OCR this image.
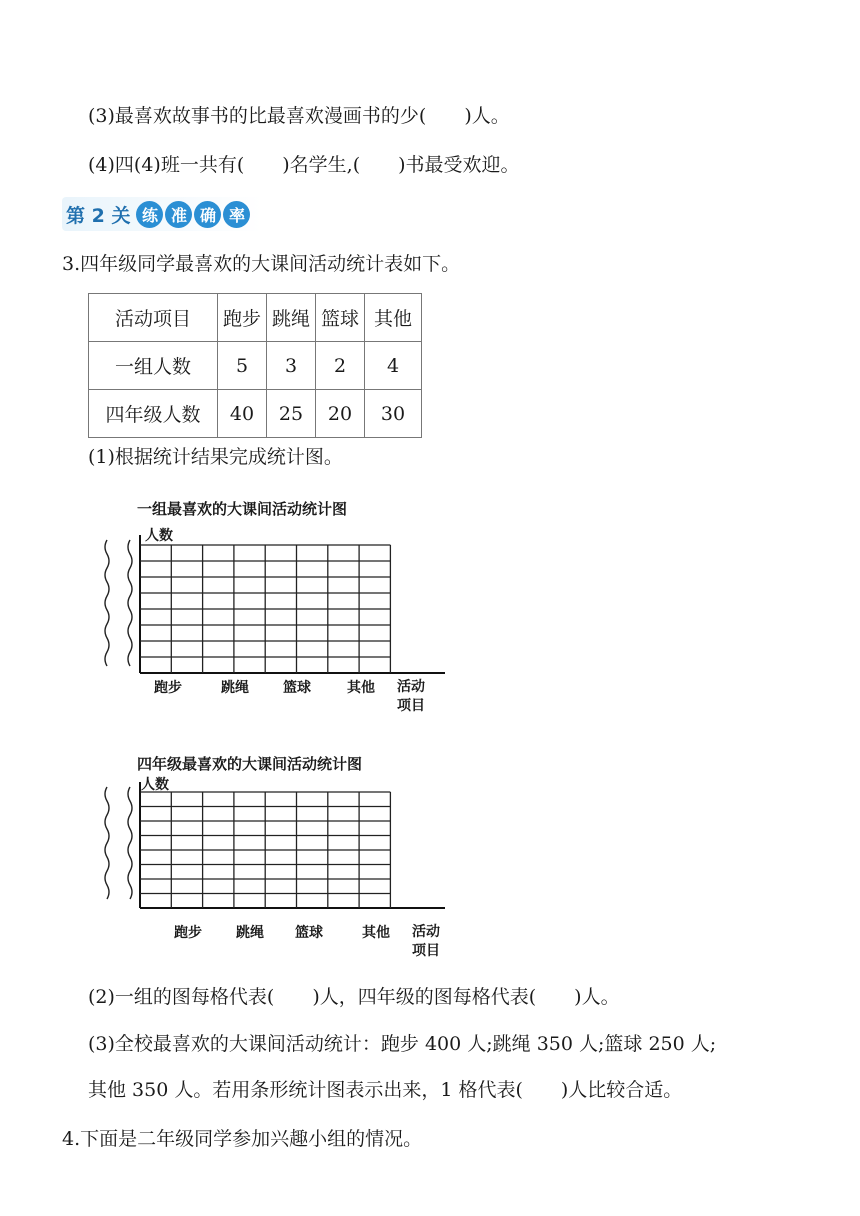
(3)最喜欢故事书的比最喜欢漫画书的少(　　)人。
(4)四(4)班一共有(　　)名学生,(　　)书最受欢迎。
第 2 关 练 准 确 率
3.四年级同学最喜欢的大课间活动统计表如下。
活动项目	跑步	跳绳	篮球	其他
一组人数	5	3	2	4
四年级人数	40	25	20	30
(1)根据统计结果完成统计图。
一组最喜欢的大课间活动统计图
人数
跑步	跳绳 篮球	其他 活动
项目
四年级最喜欢的大课间活动统计图
人数
跑步 跳绳 篮球	其他 活动
项目
(2)一组的图每格代表(　　)人，四年级的图每格代表(　　)人。
(3)全校最喜欢的大课间活动统计：跑步 400 人;跳绳 350 人;篮球 250 人;
其他 350 人。若用条形统计图表示出来，1 格代表(　　)人比较合适。
4.下面是二年级同学参加兴趣小组的情况。
